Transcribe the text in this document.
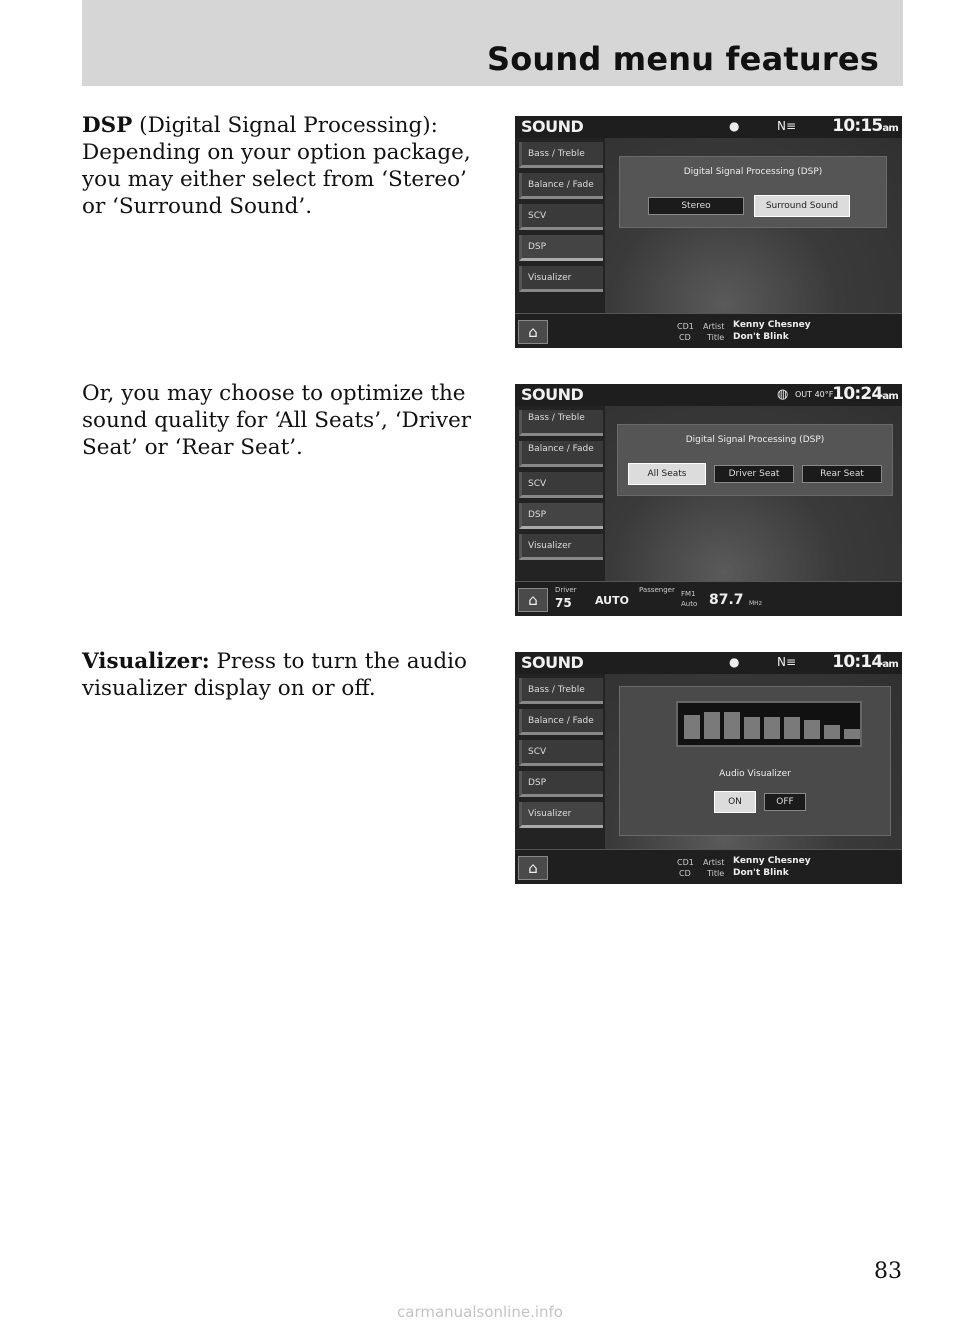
Sound menu features

DSP (Digital Signal Processing): Depending on your option package, you may either select from ‘Stereo’ or ‘Surround Sound’.

Or, you may choose to optimize the sound quality for ‘All Seats’, ‘Driver Seat’ or ‘Rear Seat’.

Visualizer: Press to turn the audio visualizer display on or off.

SOUND	●	N≡ 10:15am
Bass / Treble
Balance / Fade
SCV
DSP
Visualizer
Digital Signal Processing (DSP)
Stereo	Surround Sound
⌂	CD1
CD
Artist
Title
Kenny Chesney
Don't Blink
SOUND	◍ OUT 40°F
10:24am
Bass / Treble
Balance / Fade
SCV
DSP
Visualizer
Digital Signal Processing (DSP)
All Seats	Driver Seat	Rear Seat
⌂
Driver
75 AUTO
Passenger FM1
Auto 87.7 MHz
SOUND	●	N≡ 10:14am
Bass / Treble
Balance / Fade
SCV
DSP
Visualizer
Audio Visualizer
ON	OFF
⌂	CD1
CD
Artist
Title
Kenny Chesney
Don't Blink
83
carmanualsonline.info
